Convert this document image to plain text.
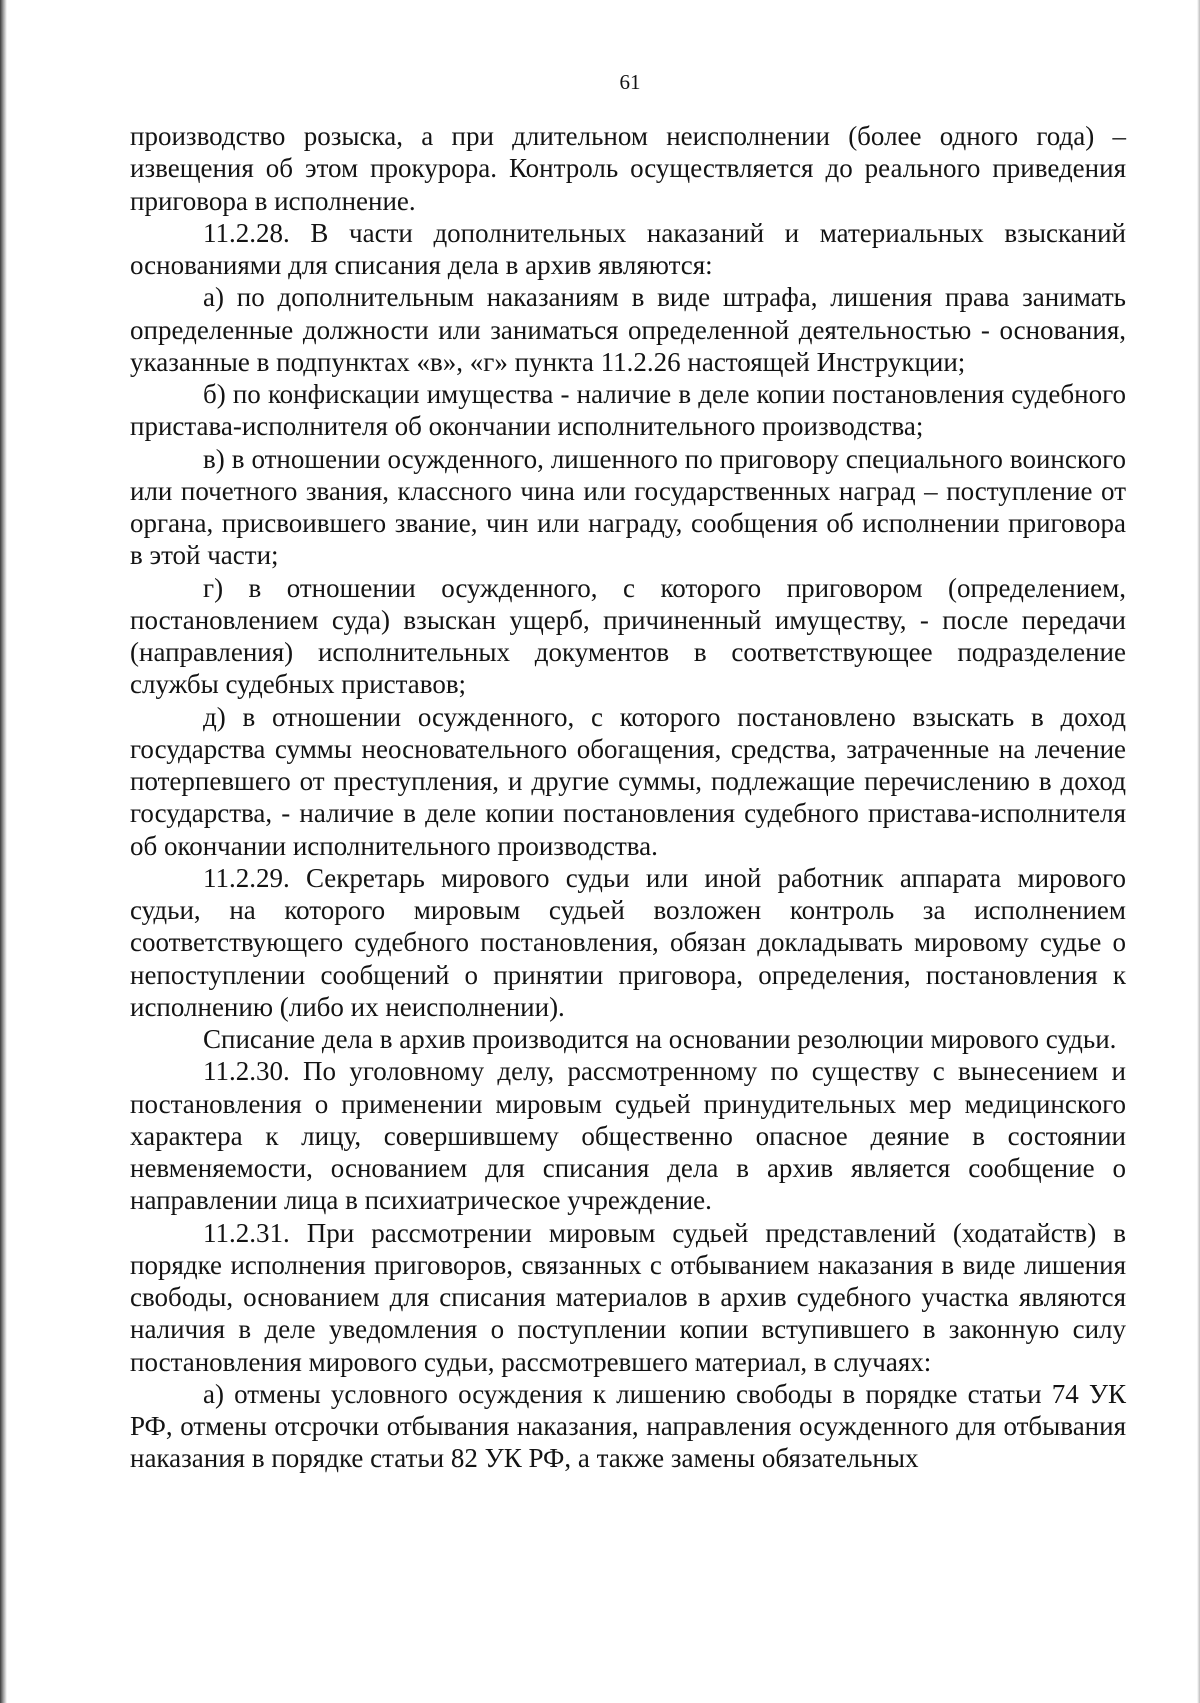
61

производство розыска, а при длительном неисполнении (более одного года) – извещения об этом прокурора. Контроль осуществляется до реального приведения приговора в исполнение.

11.2.28. В части дополнительных наказаний и материальных взысканий основаниями для списания дела в архив являются:

а) по дополнительным наказаниям в виде штрафа, лишения права занимать определенные должности или заниматься определенной деятельностью - основания, указанные в подпунктах «в», «г» пункта 11.2.26 настоящей Инструкции;

б) по конфискации имущества - наличие в деле копии постановления судебного пристава-исполнителя об окончании исполнительного производства;

в) в отношении осужденного, лишенного по приговору специального воинского или почетного звания, классного чина или государственных наград – поступление от органа, присвоившего звание, чин или награду, сообщения об исполнении приговора в этой части;

г) в отношении осужденного, с которого приговором (определением, постановлением суда) взыскан ущерб, причиненный имуществу, - после передачи (направления) исполнительных документов в соответствующее подразделение службы судебных приставов;

д) в отношении осужденного, с которого постановлено взыскать в доход государства суммы неосновательного обогащения, средства, затраченные на лечение потерпевшего от преступления, и другие суммы, подлежащие перечислению в доход государства, - наличие в деле копии постановления судебного пристава-исполнителя об окончании исполнительного производства.

11.2.29. Секретарь мирового судьи или иной работник аппарата мирового судьи, на которого мировым судьей возложен контроль за исполнением соответствующего судебного постановления, обязан докладывать мировому судье о непоступлении сообщений о принятии приговора, определения, постановления к исполнению (либо их неисполнении).

Списание дела в архив производится на основании резолюции мирового судьи.

11.2.30. По уголовному делу, рассмотренному по существу с вынесением и постановления о применении мировым судьей принудительных мер медицинского характера к лицу, совершившему общественно опасное деяние в состоянии невменяемости, основанием для списания дела в архив является сообщение о направлении лица в психиатрическое учреждение.

11.2.31. При рассмотрении мировым судьей представлений (ходатайств) в порядке исполнения приговоров, связанных с отбыванием наказания в виде лишения свободы, основанием для списания материалов в архив судебного участка являются наличия в деле уведомления о поступлении копии вступившего в законную силу постановления мирового судьи, рассмотревшего материал, в случаях:

а) отмены условного осуждения к лишению свободы в порядке статьи 74 УК РФ, отмены отсрочки отбывания наказания, направления осужденного для отбывания наказания в порядке статьи 82 УК РФ, а также замены обязательных
